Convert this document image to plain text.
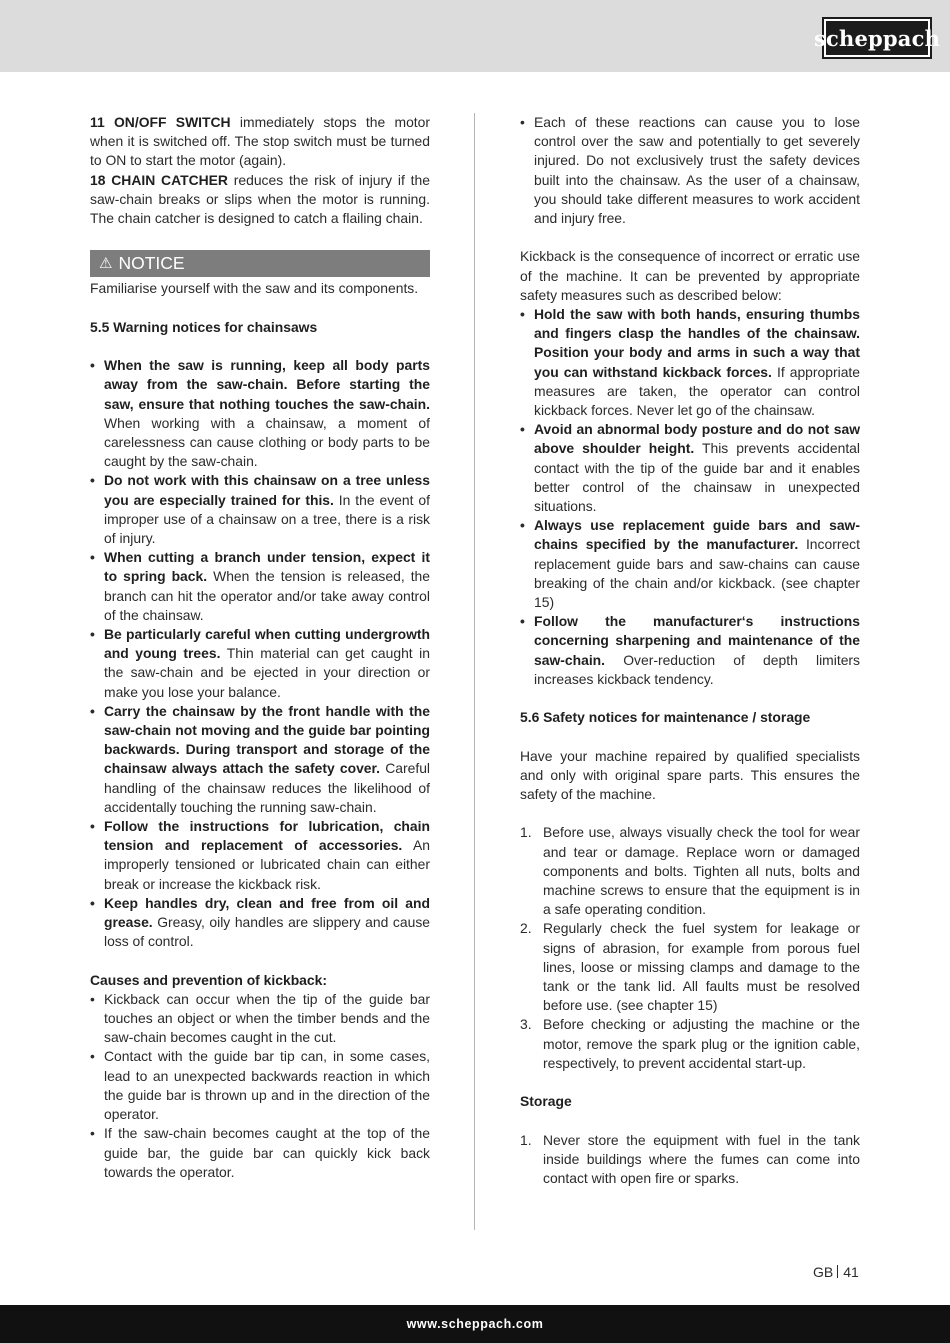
scheppach

11 ON/OFF SWITCH immediately stops the motor when it is switched off. The stop switch must be turned to ON to start the motor (again).

18 CHAIN CATCHER reduces the risk of injury if the saw-chain breaks or slips when the motor is running. The chain catcher is designed to catch a flailing chain.

⚠ NOTICE

Familiarise yourself with the saw and its components.

5.5 Warning notices for chainsaws

• When the saw is running, keep all body parts away from the saw-chain. Before starting the saw, ensure that nothing touches the saw-chain. When working with a chainsaw, a moment of carelessness can cause clothing or body parts to be caught by the saw-chain.
• Do not work with this chainsaw on a tree unless you are especially trained for this. In the event of improper use of a chainsaw on a tree, there is a risk of injury.
• When cutting a branch under tension, expect it to spring back. When the tension is released, the branch can hit the operator and/or take away control of the chainsaw.
• Be particularly careful when cutting undergrowth and young trees. Thin material can get caught in the saw-chain and be ejected in your direction or make you lose your balance.
• Carry the chainsaw by the front handle with the saw-chain not moving and the guide bar pointing backwards. During transport and storage of the chainsaw always attach the safety cover. Careful handling of the chainsaw reduces the likelihood of accidentally touching the running saw-chain.
• Follow the instructions for lubrication, chain tension and replacement of accessories. An improperly tensioned or lubricated chain can either break or increase the kickback risk.
• Keep handles dry, clean and free from oil and grease. Greasy, oily handles are slippery and cause loss of control.

Causes and prevention of kickback:

• Kickback can occur when the tip of the guide bar touches an object or when the timber bends and the saw-chain becomes caught in the cut.
• Contact with the guide bar tip can, in some cases, lead to an unexpected backwards reaction in which the guide bar is thrown up and in the direction of the operator.
• If the saw-chain becomes caught at the top of the guide bar, the guide bar can quickly kick back towards the operator.
• Each of these reactions can cause you to lose control over the saw and potentially to get severely injured. Do not exclusively trust the safety devices built into the chainsaw. As the user of a chainsaw, you should take different measures to work accident and injury free.

Kickback is the consequence of incorrect or erratic use of the machine. It can be prevented by appropriate safety measures such as described below:

• Hold the saw with both hands, ensuring thumbs and fingers clasp the handles of the chainsaw. Position your body and arms in such a way that you can withstand kickback forces. If appropriate measures are taken, the operator can control kickback forces. Never let go of the chainsaw.
• Avoid an abnormal body posture and do not saw above shoulder height. This prevents accidental contact with the tip of the guide bar and it enables better control of the chainsaw in unexpected situations.
• Always use replacement guide bars and saw-chains specified by the manufacturer. Incorrect replacement guide bars and saw-chains can cause breaking of the chain and/or kickback. (see chapter 15)
• Follow the manufacturer‘s instructions concerning sharpening and maintenance of the saw-chain. Over-reduction of depth limiters increases kickback tendency.

5.6 Safety notices for maintenance / storage

Have your machine repaired by qualified specialists and only with original spare parts. This ensures the safety of the machine.

1. Before use, always visually check the tool for wear and tear or damage. Replace worn or damaged components and bolts. Tighten all nuts, bolts and machine screws to ensure that the equipment is in a safe operating condition.
2. Regularly check the fuel system for leakage or signs of abrasion, for example from porous fuel lines, loose or missing clamps and damage to the tank or the tank lid. All faults must be resolved before use. (see chapter 15)
3. Before checking or adjusting the machine or the motor, remove the spark plug or the ignition cable, respectively, to prevent accidental start-up.

Storage

1. Never store the equipment with fuel in the tank inside buildings where the fumes can come into contact with open fire or sparks.
GB 41
www.scheppach.com
